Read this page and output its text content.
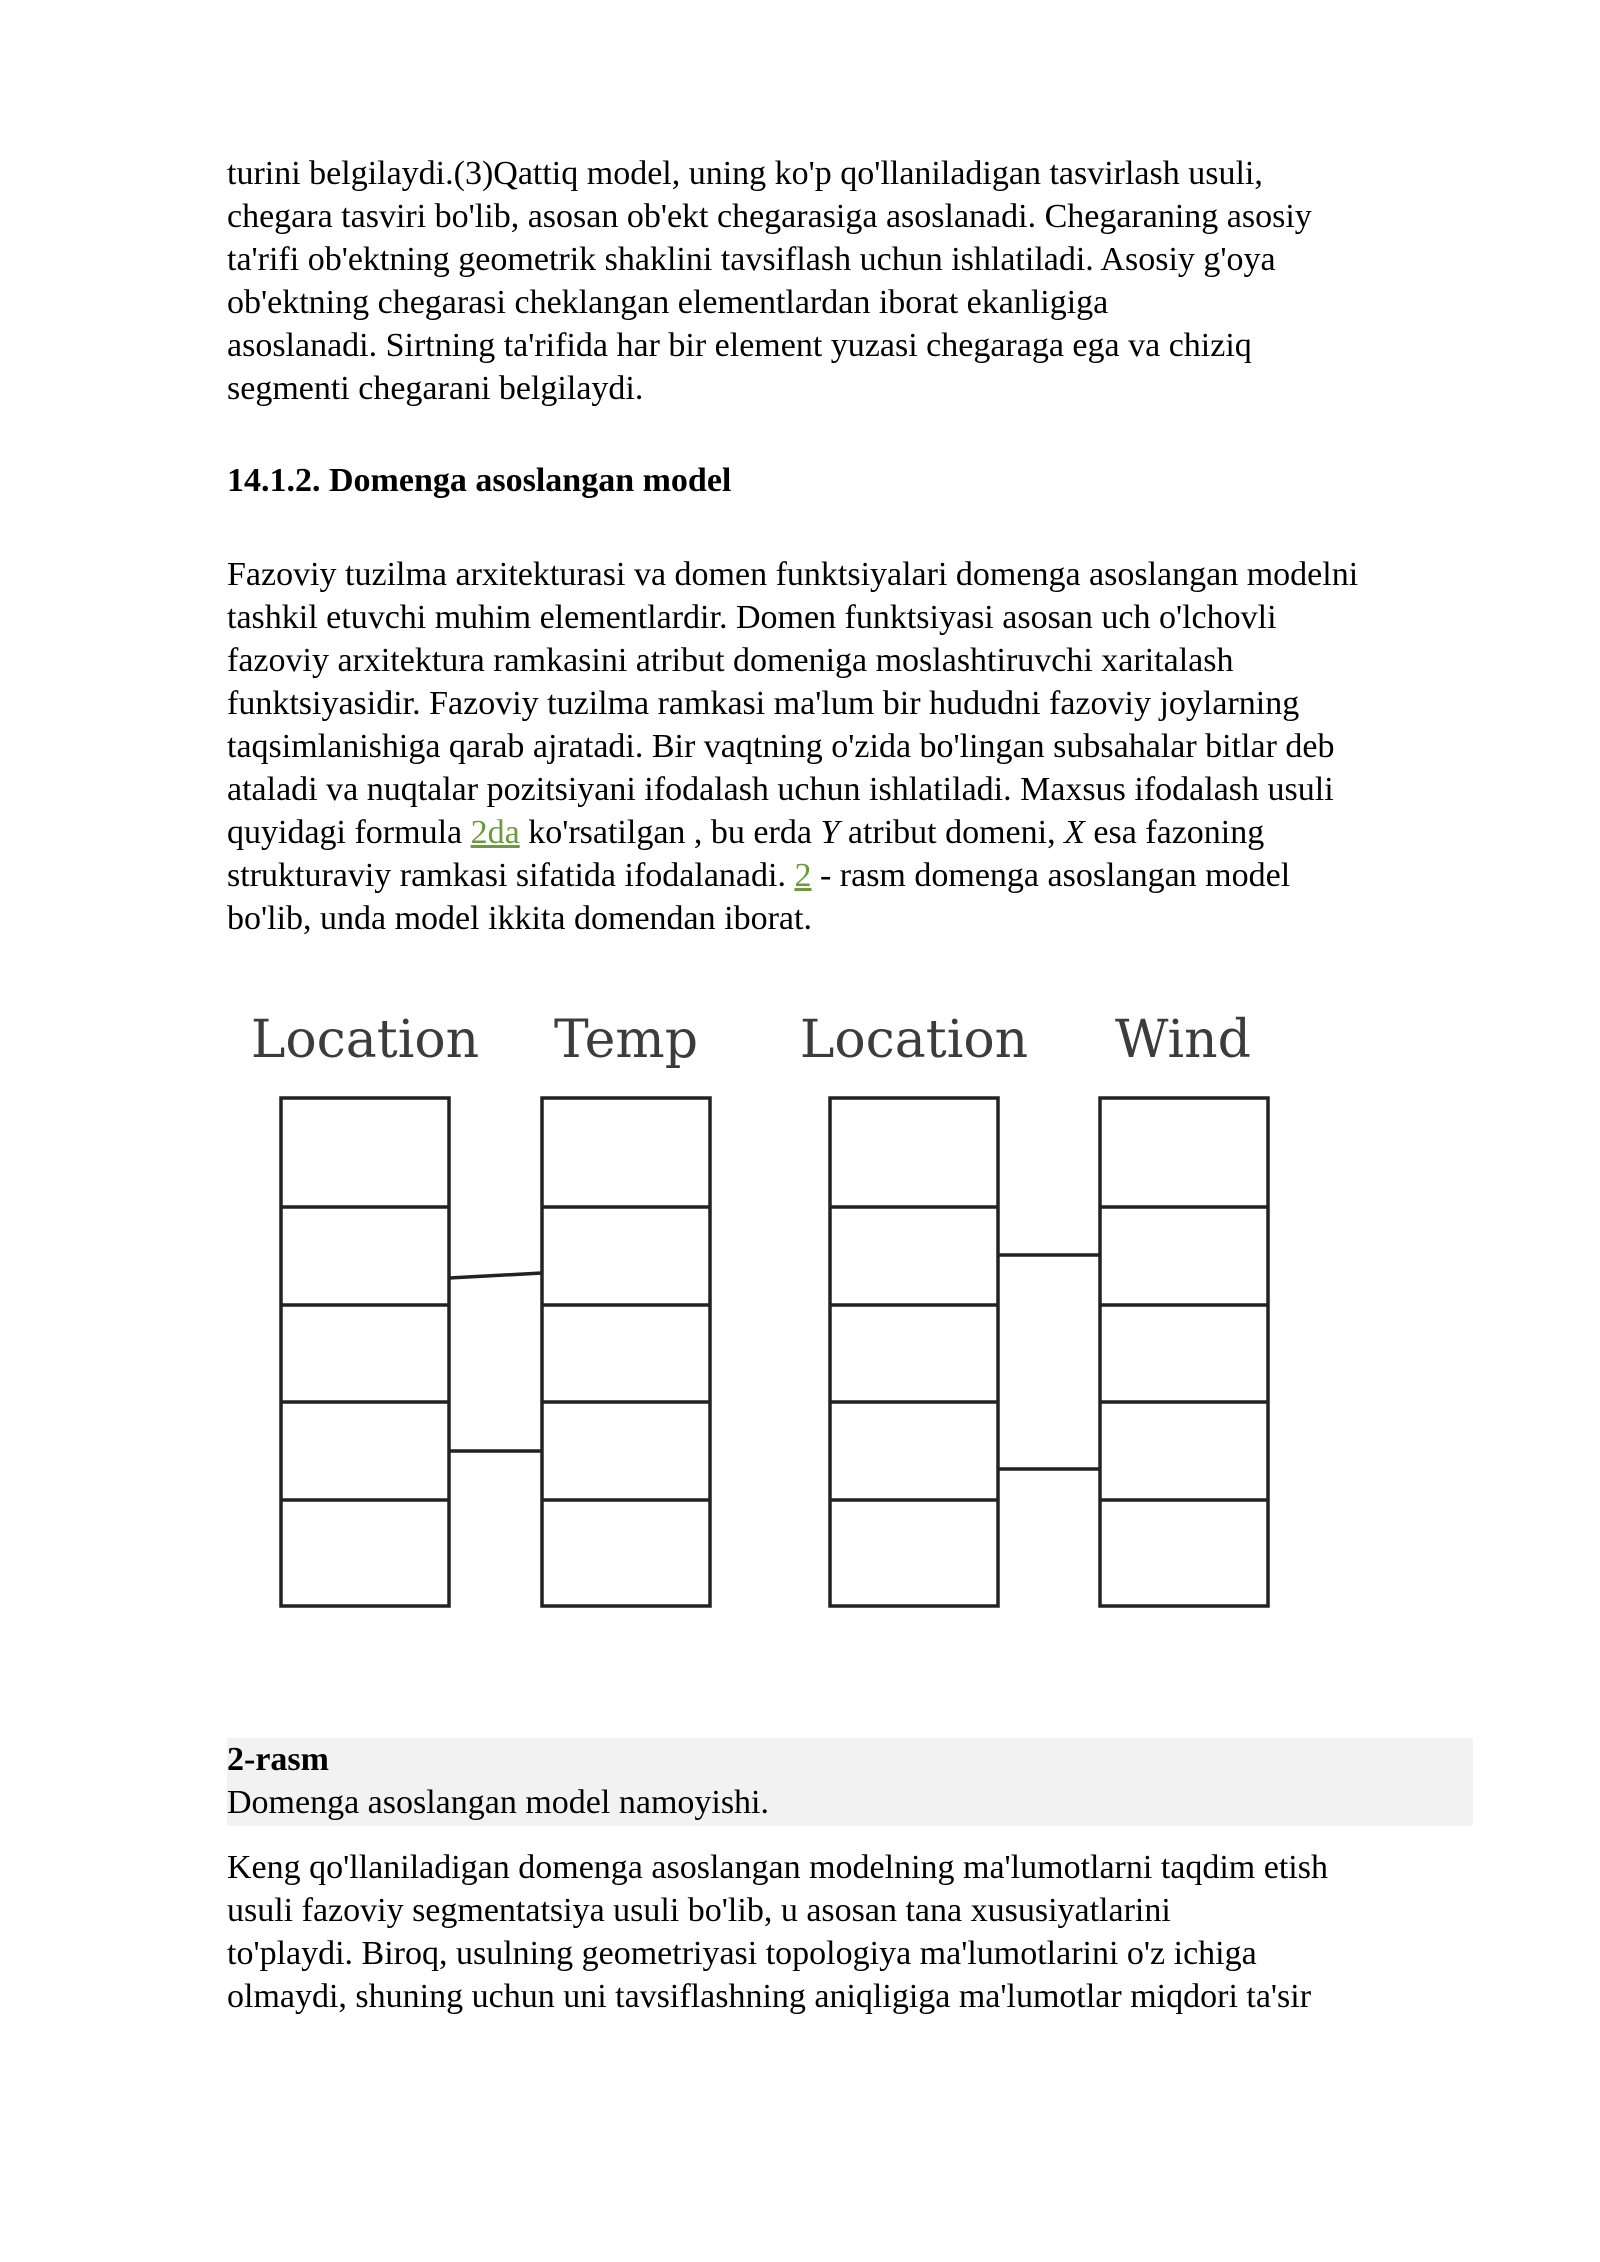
turini belgilaydi.(3)Qattiq model, uning ko'p qo'llaniladigan tasvirlash usuli,

chegara tasviri bo'lib, asosan ob'ekt chegarasiga asoslanadi. Chegaraning asosiy

ta'rifi ob'ektning geometrik shaklini tavsiflash uchun ishlatiladi. Asosiy g'oya

ob'ektning chegarasi cheklangan elementlardan iborat ekanligiga

asoslanadi. Sirtning ta'rifida har bir element yuzasi chegaraga ega va chiziq

segmenti chegarani belgilaydi.

14.1.2. Domenga asoslangan model

Fazoviy tuzilma arxitekturasi va domen funktsiyalari domenga asoslangan modelni

tashkil etuvchi muhim elementlardir. Domen funktsiyasi asosan uch o'lchovli

fazoviy arxitektura ramkasini atribut domeniga moslashtiruvchi xaritalash

funktsiyasidir. Fazoviy tuzilma ramkasi ma'lum bir hududni fazoviy joylarning

taqsimlanishiga qarab ajratadi. Bir vaqtning o'zida bo'lingan subsahalar bitlar deb

ataladi va nuqtalar pozitsiyani ifodalash uchun ishlatiladi. Maxsus ifodalash usuli

quyidagi formula 2da ko'rsatilgan , bu erda Y atribut domeni, X esa fazoning

strukturaviy ramkasi sifatida ifodalanadi. 2 - rasm domenga asoslangan model

bo'lib, unda model ikkita domendan iborat.

Location Temp Location Wind

2-rasm

Domenga asoslangan model namoyishi.

Keng qo'llaniladigan domenga asoslangan modelning ma'lumotlarni taqdim etish

usuli fazoviy segmentatsiya usuli bo'lib, u asosan tana xususiyatlarini

to'playdi. Biroq, usulning geometriyasi topologiya ma'lumotlarini o'z ichiga

olmaydi, shuning uchun uni tavsiflashning aniqligiga ma'lumotlar miqdori ta'sir
